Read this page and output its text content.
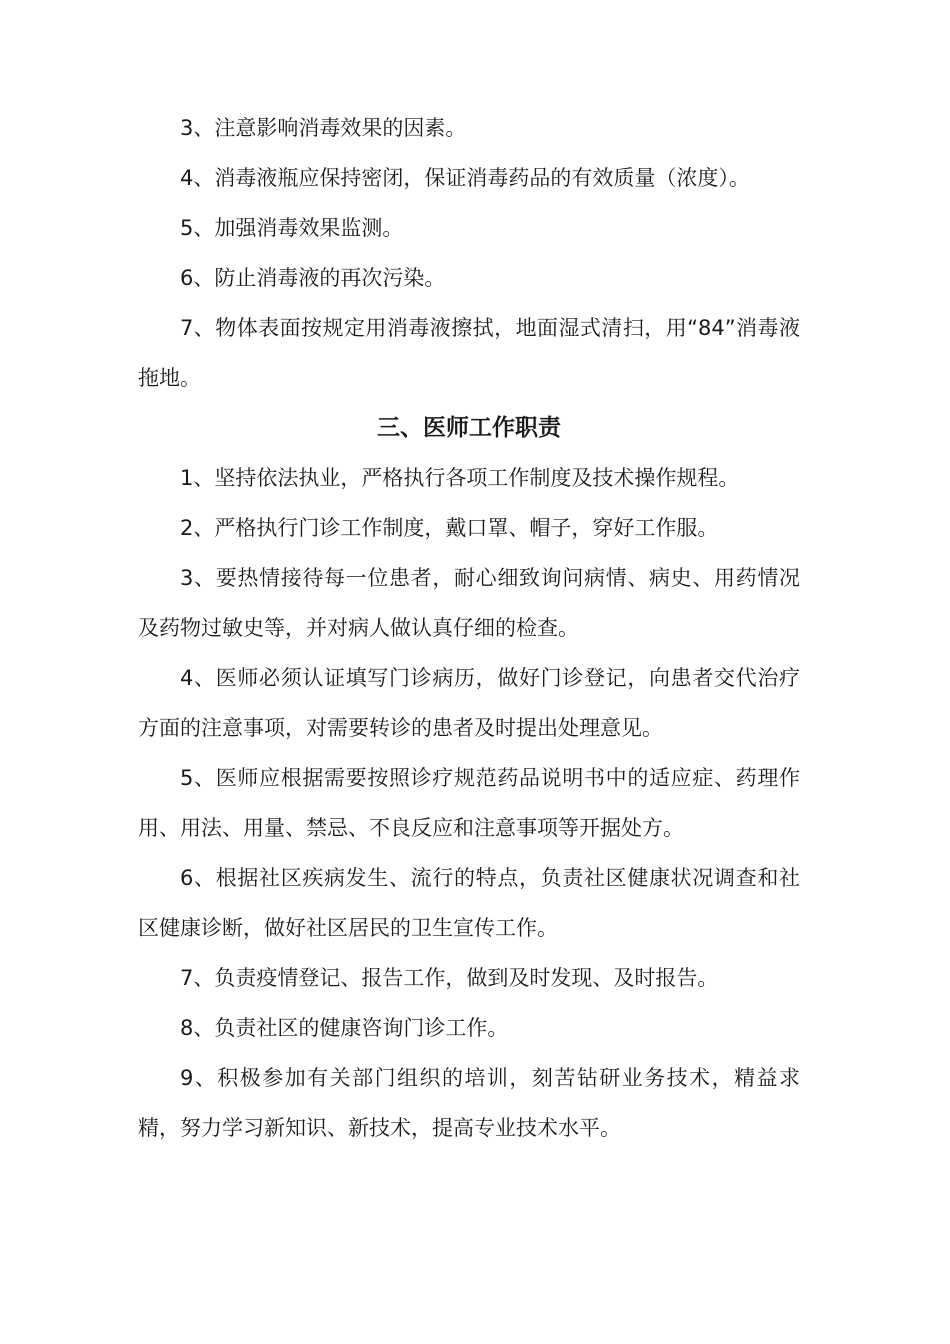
3、注意影响消毒效果的因素。

4、消毒液瓶应保持密闭，保证消毒药品的有效质量（浓度）。

5、加强消毒效果监测。

6、防止消毒液的再次污染。

7、物体表面按规定用消毒液擦拭，地面湿式清扫，用“84”消毒液拖地。

三、医师工作职责

1、坚持依法执业，严格执行各项工作制度及技术操作规程。

2、严格执行门诊工作制度，戴口罩、帽子，穿好工作服。

3、要热情接待每一位患者，耐心细致询问病情、病史、用药情况及药物过敏史等，并对病人做认真仔细的检查。

4、医师必须认证填写门诊病历，做好门诊登记，向患者交代治疗方面的注意事项，对需要转诊的患者及时提出处理意见。

5、医师应根据需要按照诊疗规范药品说明书中的适应症、药理作用、用法、用量、禁忌、不良反应和注意事项等开据处方。

6、根据社区疾病发生、流行的特点，负责社区健康状况调查和社区健康诊断，做好社区居民的卫生宣传工作。

7、负责疫情登记、报告工作，做到及时发现、及时报告。

8、负责社区的健康咨询门诊工作。

9、积极参加有关部门组织的培训，刻苦钻研业务技术，精益求精，努力学习新知识、新技术，提高专业技术水平。
